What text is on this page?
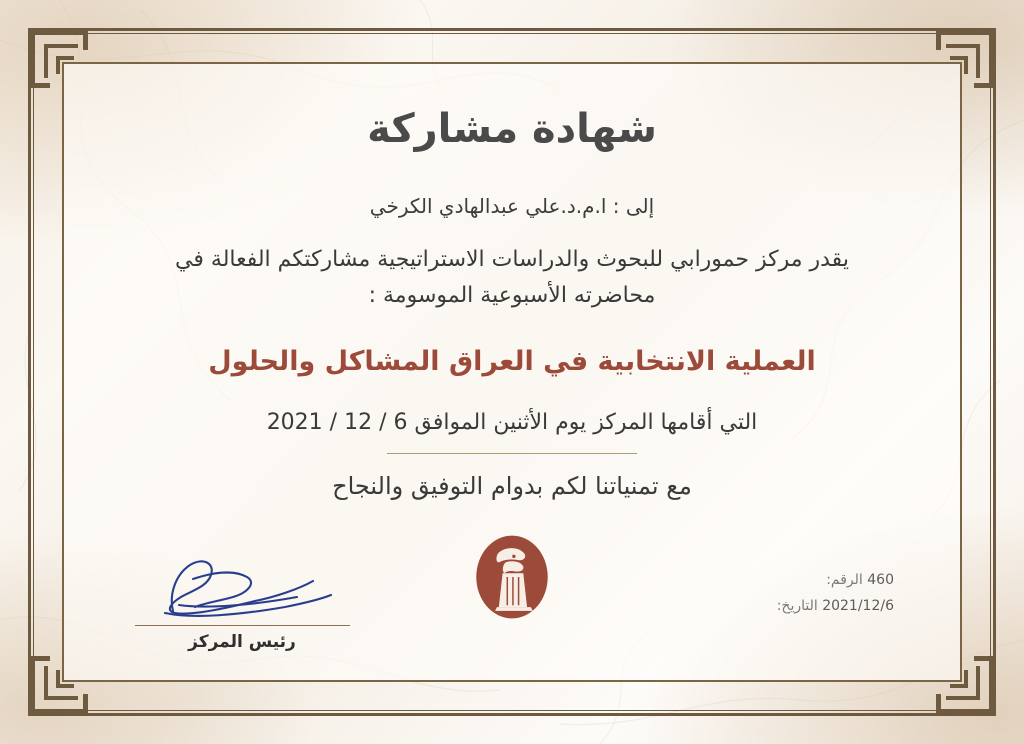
شهادة مشاركة
إلى : ا.م.د.علي عبدالهادي الكرخي
يقدر مركز حمورابي للبحوث والدراسات الاستراتيجية مشاركتكم الفعالة في
محاضرته الأسبوعية الموسومة :
العملية الانتخابية في العراق المشاكل والحلول
التي أقامها المركز يوم الأثنين الموافق 6 / 12 / 2021
مع تمنياتنا لكم بدوام التوفيق والنجاح
رئيس المركز
460 الرقم:
2021/12/6 التاريخ:
